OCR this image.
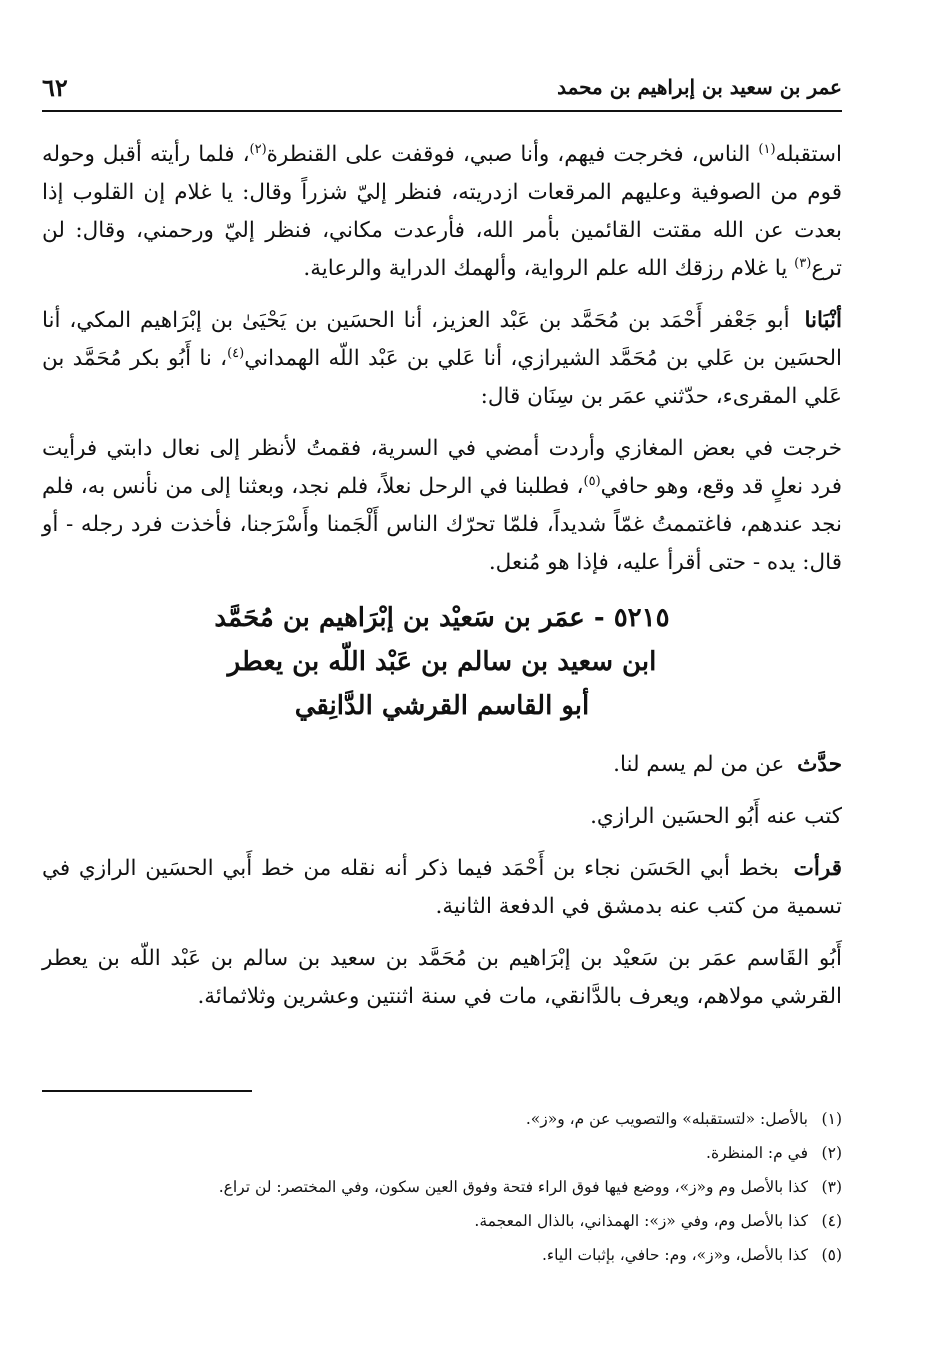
عمر بن سعيد بن إبراهيم بن محمد
٦٢

استقبله$^{(١)}$ الناس، فخرجت فيهم، وأنا صبي، فوقفت على القنطرة$^{(٢)}$، فلما رأيته أقبل وحوله قوم من الصوفية وعليهم المرقعات ازدريته، فنظر إليّ شزراً وقال: يا غلام إن القلوب إذا بعدت عن الله مقتت القائمين بأمر الله، فأرعدت مكاني، فنظر إليّ ورحمني، وقال: لن ترع$^{(٣)}$ يا غلام رزقك الله علم الرواية، وألهمك الدراية والرعاية.

أنْبَانا أبو جَعْفر أَحْمَد بن مُحَمَّد بن عَبْد العزيز، أنا الحسَين بن يَحْيَىٰ بن إبْرَاهيم المكي، أنا الحسَين بن عَلي بن مُحَمَّد الشيرازي، أنا عَلي بن عَبْد اللّه الهمداني$^{(٤)}$، نا أَبُو بكر مُحَمَّد بن عَلي المقرىء، حدّثني عمَر بن سِنَان قال:

خرجت في بعض المغازي وأردت أمضي في السرية، فقمتُ لأنظر إلى نعال دابتي فرأيت فرد نعلٍ قد وقع، وهو حافي$^{(٥)}$، فطلبنا في الرحل نعلاً، فلم نجد، وبعثنا إلى من نأنس به، فلم نجد عندهم، فاغتممتُ غمّاً شديداً، فلمّا تحرّك الناس أَلْجَمنا وأَسْرَجنا، فأخذت فرد رجله - أو قال: يده - حتى أقرأ عليه، فإذا هو مُنعل.

٥٢١٥ - عمَر بن سَعيْد بن إبْرَاهيم بن مُحَمَّد
ابن سعيد بن سالم بن عَبْد اللّه بن يعطر
أبو القاسم القرشي الدَّانِقي

حدَّث عن من لم يسم لنا.

كتب عنه أَبُو الحسَين الرازي.

قرأت بخط أبي الحَسَن نجاء بن أَحْمَد فيما ذكر أنه نقله من خط أَبي الحسَين الرازي في تسمية من كتب عنه بدمشق في الدفعة الثانية.

أَبُو القَاسم عمَر بن سَعيْد بن إبْرَاهيم بن مُحَمَّد بن سعيد بن سالم بن عَبْد اللّه بن يعطر القرشي مولاهم، ويعرف بالدَّانقي، مات في سنة اثنتين وعشرين وثلاثمائة.

(١)
بالأصل: «لتستقبله» والتصويب عن م، و«ز».
(٢)
في م: المنظرة.
(٣)
كذا بالأصل وم و«ز»، ووضع فيها فوق الراء فتحة وفوق العين سكون، وفي المختصر: لن تراع.
(٤)
كذا بالأصل وم، وفي «ز»: الهمذاني، بالذال المعجمة.
(٥)
كذا بالأصل، و«ز»، وم: حافي، بإثبات الياء.
